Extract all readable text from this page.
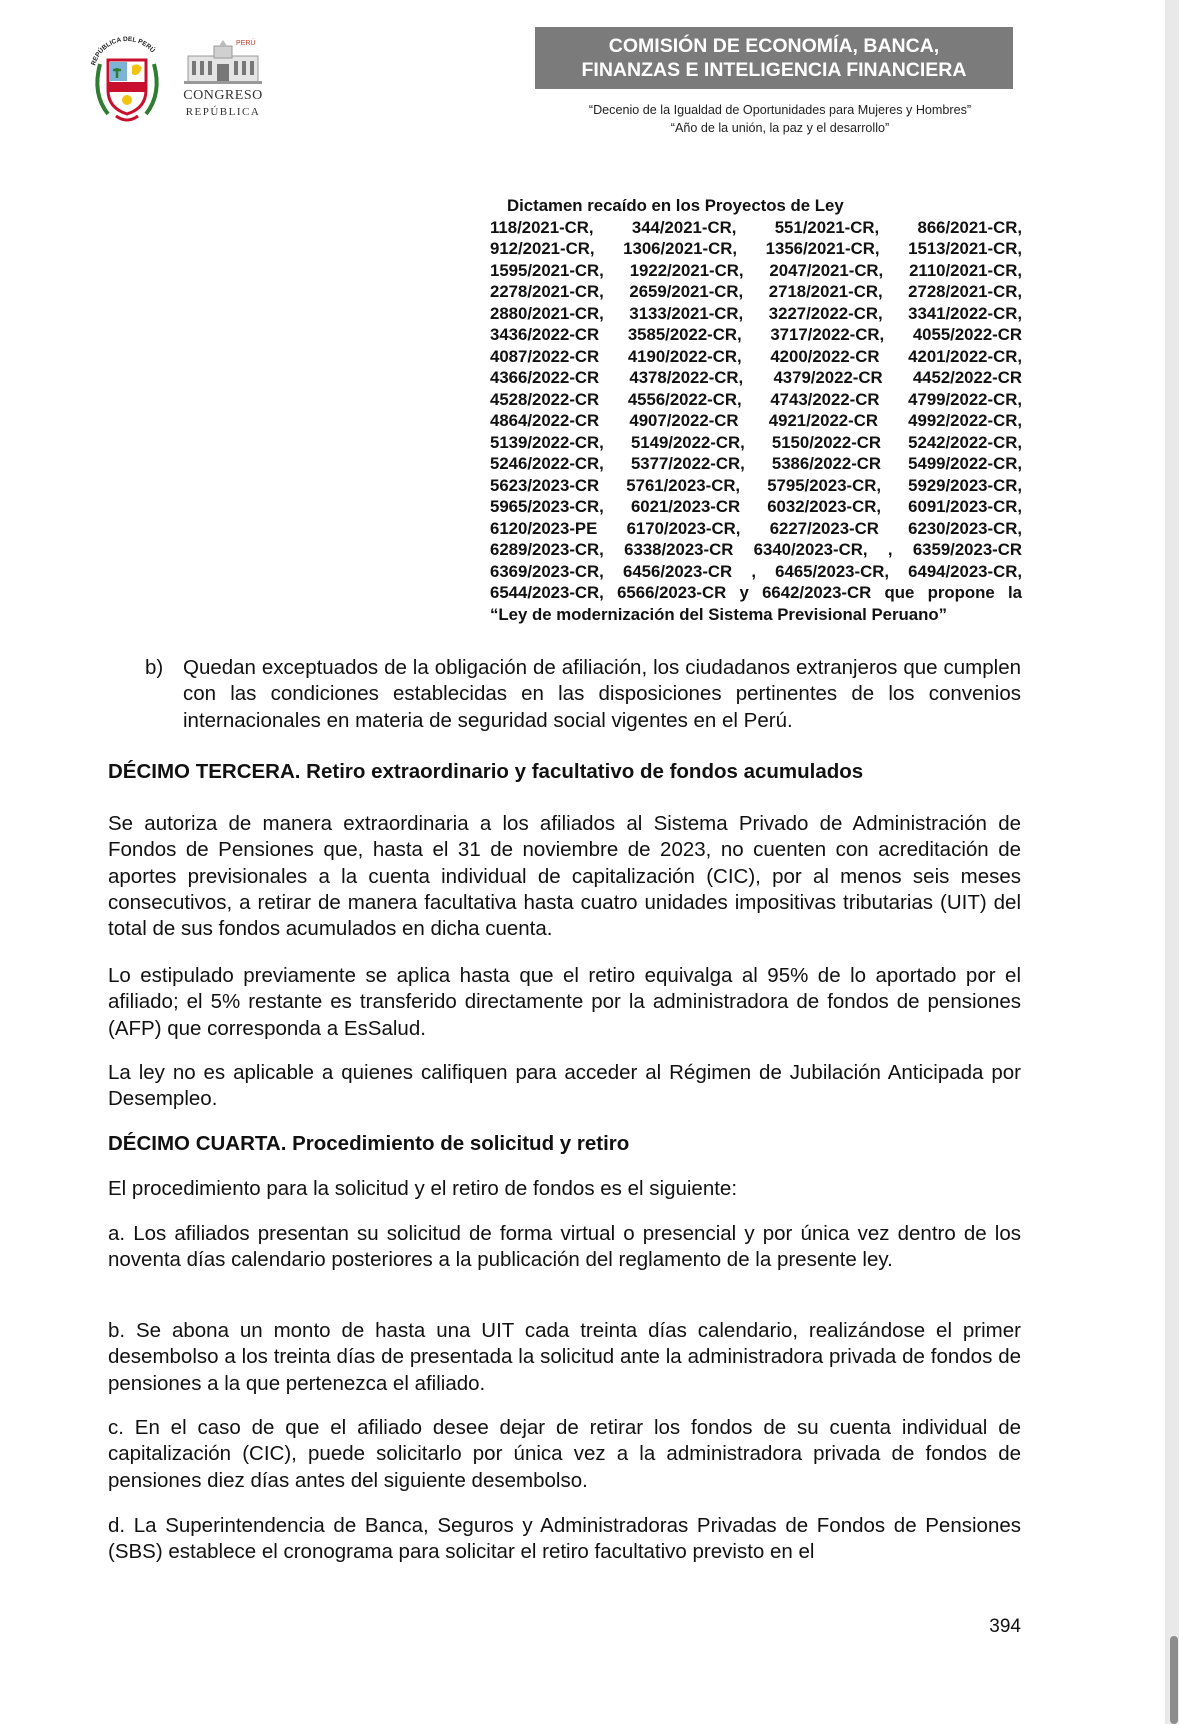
REPÚBLICA DEL PERÚ
PERÚ
CONGRESO
REPÚBLICA
COMISIÓN DE ECONOMÍA, BANCA,
FINANZAS E INTELIGENCIA FINANCIERA
“Decenio de la Igualdad de Oportunidades para Mujeres y Hombres”
“Año de la unión, la paz y el desarrollo”
Dictamen recaído en los Proyectos de Ley
118/2021-CR, 344/2021-CR, 551/2021-CR, 866/2021-CR,
912/2021-CR, 1306/2021-CR, 1356/2021-CR, 1513/2021-CR,
1595/2021-CR, 1922/2021-CR, 2047/2021-CR, 2110/2021-CR,
2278/2021-CR, 2659/2021-CR, 2718/2021-CR, 2728/2021-CR,
2880/2021-CR, 3133/2021-CR, 3227/2022-CR, 3341/2022-CR,
3436/2022-CR 3585/2022-CR, 3717/2022-CR, 4055/2022-CR
4087/2022-CR 4190/2022-CR, 4200/2022-CR 4201/2022-CR,
4366/2022-CR 4378/2022-CR, 4379/2022-CR 4452/2022-CR
4528/2022-CR 4556/2022-CR, 4743/2022-CR 4799/2022-CR,
4864/2022-CR 4907/2022-CR 4921/2022-CR 4992/2022-CR,
5139/2022-CR, 5149/2022-CR, 5150/2022-CR 5242/2022-CR,
5246/2022-CR, 5377/2022-CR, 5386/2022-CR 5499/2022-CR,
5623/2023-CR 5761/2023-CR, 5795/2023-CR, 5929/2023-CR,
5965/2023-CR, 6021/2023-CR 6032/2023-CR, 6091/2023-CR,
6120/2023-PE 6170/2023-CR, 6227/2023-CR 6230/2023-CR,
6289/2023-CR, 6338/2023-CR 6340/2023-CR, , 6359/2023-CR
6369/2023-CR, 6456/2023-CR , 6465/2023-CR, 6494/2023-CR,
6544/2023-CR, 6566/2023-CR y 6642/2023-CR que propone la
“Ley de modernización del Sistema Previsional Peruano”
b) Quedan exceptuados de la obligación de afiliación, los ciudadanos extranjeros que cumplen con las condiciones establecidas en las disposiciones pertinentes de los convenios internacionales en materia de seguridad social vigentes en el Perú.

DÉCIMO TERCERA. Retiro extraordinario y facultativo de fondos acumulados

Se autoriza de manera extraordinaria a los afiliados al Sistema Privado de Administración de Fondos de Pensiones que, hasta el 31 de noviembre de 2023, no cuenten con acreditación de aportes previsionales a la cuenta individual de capitalización (CIC), por al menos seis meses consecutivos, a retirar de manera facultativa hasta cuatro unidades impositivas tributarias (UIT) del total de sus fondos acumulados en dicha cuenta.

Lo estipulado previamente se aplica hasta que el retiro equivalga al 95% de lo aportado por el afiliado; el 5% restante es transferido directamente por la administradora de fondos de pensiones (AFP) que corresponda a EsSalud.

La ley no es aplicable a quienes califiquen para acceder al Régimen de Jubilación Anticipada por Desempleo.

DÉCIMO CUARTA. Procedimiento de solicitud y retiro

El procedimiento para la solicitud y el retiro de fondos es el siguiente:

a. Los afiliados presentan su solicitud de forma virtual o presencial y por única vez dentro de los noventa días calendario posteriores a la publicación del reglamento de la presente ley.

b. Se abona un monto de hasta una UIT cada treinta días calendario, realizándose el primer desembolso a los treinta días de presentada la solicitud ante la administradora privada de fondos de pensiones a la que pertenezca el afiliado.

c. En el caso de que el afiliado desee dejar de retirar los fondos de su cuenta individual de capitalización (CIC), puede solicitarlo por única vez a la administradora privada de fondos de pensiones diez días antes del siguiente desembolso.

d. La Superintendencia de Banca, Seguros y Administradoras Privadas de Fondos de Pensiones (SBS) establece el cronograma para solicitar el retiro facultativo previsto en el

394
